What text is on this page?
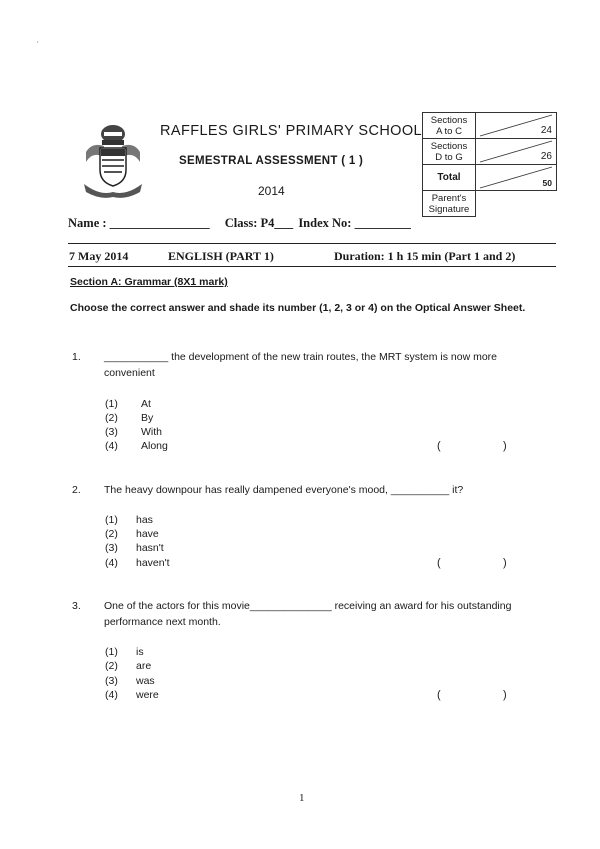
'
RAFFLES GIRLS' PRIMARY SCHOOL
SEMESTRAL ASSESSMENT ( 1 )
2014
Sections
A to C	24

Sections
D to G	26

Total	50

Parent's
Signature	
Name : ________________ Class: P4___ Index No: _________
7 May 2014	ENGLISH (PART 1)	Duration: 1 h 15 min (Part 1 and 2)
Section A: Grammar (8X1 mark)
Choose the correct answer and shade its number (1, 2, 3 or 4) on the Optical Answer Sheet.
1. ___________ the development of the new train routes, the MRT system is now more
convenient
(1) At
(2) By
(3) With
(4) Along	(	)
2. The heavy downpour has really dampened everyone's mood, __________ it?
(1) has
(2) have
(3) hasn't
(4) haven't	(	)
3. One of the actors for this movie______________ receiving an award for his outstanding
performance next month.
(1) is
(2) are
(3) was
(4) were	(	)
1
